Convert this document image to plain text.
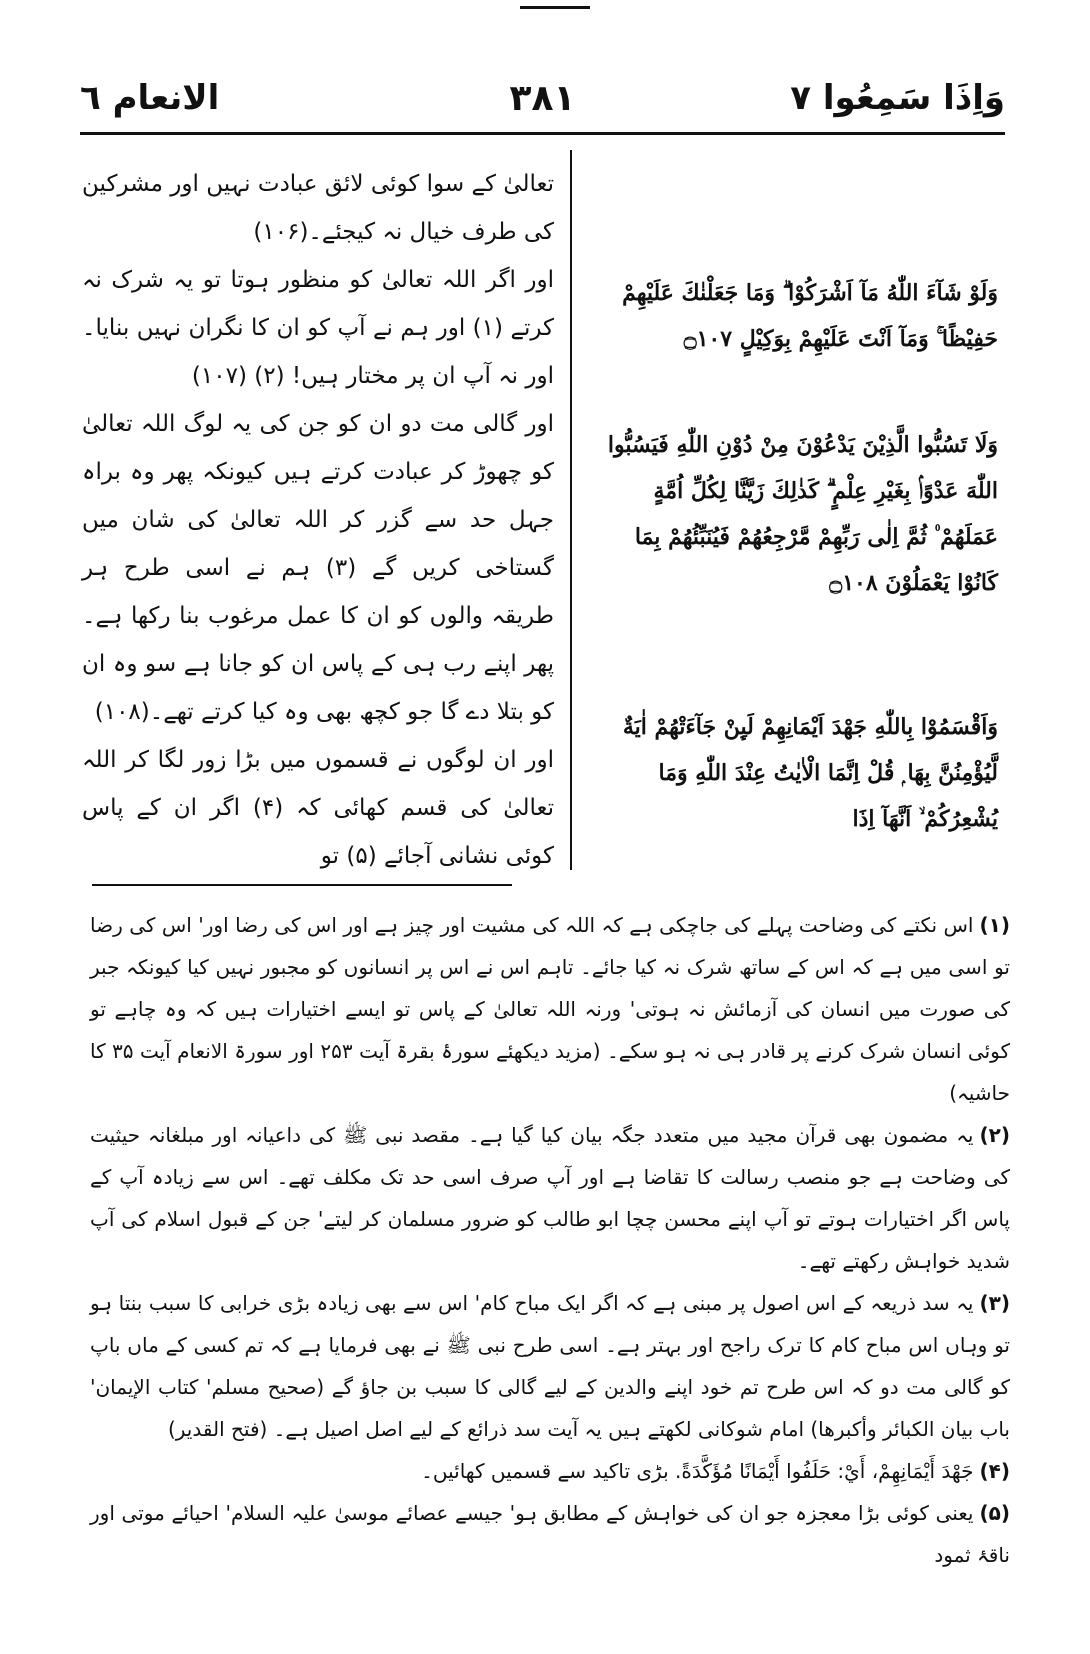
الانعام ٦	٣٨١	وَاِذَا سَمِعُوا ٧

تعالیٰ کے سوا کوئی لائق عبادت نہیں اور مشرکین کی طرف خیال نہ کیجئے۔(۱۰۶)

اور اگر اللہ تعالیٰ کو منظور ہوتا تو یہ شرک نہ کرتے (۱) اور ہم نے آپ کو ان کا نگران نہیں بنایا۔ اور نہ آپ ان پر مختار ہیں! (۲) (۱۰۷)

اور گالی مت دو ان کو جن کی یہ لوگ اللہ تعالیٰ کو چھوڑ کر عبادت کرتے ہیں کیونکہ پھر وہ براہ جہل حد سے گزر کر اللہ تعالیٰ کی شان میں گستاخی کریں گے (۳) ہم نے اسی طرح ہر طریقہ والوں کو ان کا عمل مرغوب بنا رکھا ہے۔ پھر اپنے رب ہی کے پاس ان کو جانا ہے سو وہ ان کو بتلا دے گا جو کچھ بھی وہ کیا کرتے تھے۔(۱۰۸)

اور ان لوگوں نے قسموں میں بڑا زور لگا کر اللہ تعالیٰ کی قسم کھائی کہ (۴) اگر ان کے پاس کوئی نشانی آجائے (۵) تو

وَلَوْ شَآءَ اللّٰهُ مَآ اَشْرَكُوْا ۗ وَمَا جَعَلْنٰكَ عَلَيْهِمْ حَفِيْظًا ۚ وَمَآ اَنْتَ عَلَيْهِمْ بِوَكِيْلٍ ۝١٠٧

وَلَا تَسُبُّوا الَّذِيْنَ يَدْعُوْنَ مِنْ دُوْنِ اللّٰهِ فَيَسُبُّوا اللّٰهَ عَدْوًاۢ بِغَيْرِ عِلْمٍ ۗ كَذٰلِكَ زَيَّنَّا لِكُلِّ اُمَّةٍ عَمَلَهُمْ ۠ ثُمَّ اِلٰى رَبِّهِمْ مَّرْجِعُهُمْ فَيُنَبِّئُهُمْ بِمَا كَانُوْا يَعْمَلُوْنَ ۝١٠٨

وَاَقْسَمُوْا بِاللّٰهِ جَهْدَ اَيْمَانِهِمْ لَىِٕنْ جَآءَتْهُمْ اٰيَةٌ لَّيُؤْمِنُنَّ بِهَا ۭ قُلْ اِنَّمَا الْاٰيٰتُ عِنْدَ اللّٰهِ وَمَا يُشْعِرُكُمْ ۙ اَنَّهَآ اِذَا

(۱)اس نکتے کی وضاحت پہلے کی جاچکی ہے کہ اللہ کی مشیت اور چیز ہے اور اس کی رضا اور' اس کی رضا تو اسی میں ہے کہ اس کے ساتھ شرک نہ کیا جائے۔ تاہم اس نے اس پر انسانوں کو مجبور نہیں کیا کیونکہ جبر کی صورت میں انسان کی آزمائش نہ ہوتی' ورنہ اللہ تعالیٰ کے پاس تو ایسے اختیارات ہیں کہ وہ چاہے تو کوئی انسان شرک کرنے پر قادر ہی نہ ہو سکے۔ (مزید دیکھئے سورۂ بقرۃ آیت ۲۵۳ اور سورۃ الانعام آیت ۳۵ کا حاشیہ)

(۲)یہ مضمون بھی قرآن مجید میں متعدد جگہ بیان کیا گیا ہے۔ مقصد نبی ﷺ کی داعیانہ اور مبلغانہ حیثیت کی وضاحت ہے جو منصب رسالت کا تقاضا ہے اور آپ صرف اسی حد تک مکلف تھے۔ اس سے زیادہ آپ کے پاس اگر اختیارات ہوتے تو آپ اپنے محسن چچا ابو طالب کو ضرور مسلمان کر لیتے' جن کے قبول اسلام کی آپ شدید خواہش رکھتے تھے۔

(۳)یہ سد ذریعہ کے اس اصول پر مبنی ہے کہ اگر ایک مباح کام' اس سے بھی زیادہ بڑی خرابی کا سبب بنتا ہو تو وہاں اس مباح کام کا ترک راجح اور بہتر ہے۔ اسی طرح نبی ﷺ نے بھی فرمایا ہے کہ تم کسی کے ماں باپ کو گالی مت دو کہ اس طرح تم خود اپنے والدین کے لیے گالی کا سبب بن جاؤ گے (صحیح مسلم' کتاب الإیمان' باب بیان الكبائر وأکبرها) امام شوکانی لکھتے ہیں یہ آیت سد ذرائع کے لیے اصل اصیل ہے۔ (فتح القدیر)

(۴)جَهْدَ أَيْمَانِهِمْ، أَيْ: حَلَفُوا أَيْمَانًا مُؤَكَّدَةً. بڑی تاکید سے قسمیں کھائیں۔

(۵)یعنی کوئی بڑا معجزہ جو ان کی خواہش کے مطابق ہو' جیسے عصائے موسیٰ علیہ السلام' احیائے موتی اور ناقۂ ثمود
